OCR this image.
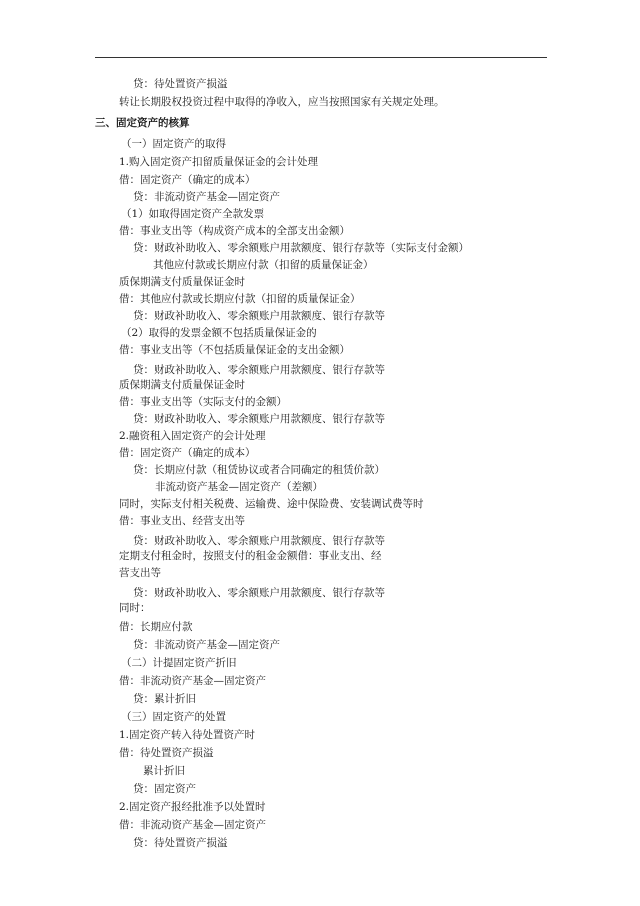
贷：待处置资产损溢
转让长期股权投资过程中取得的净收入，应当按照国家有关规定处理。
三、固定资产的核算
（一）固定资产的取得
1.购入固定资产扣留质量保证金的会计处理
借：固定资产（确定的成本）
贷：非流动资产基金—固定资产
（1）如取得固定资产全款发票
借：事业支出等（构成资产成本的全部支出金额）
贷：财政补助收入、零余额账户用款额度、银行存款等（实际支付金额）
其他应付款或长期应付款（扣留的质量保证金）
质保期满支付质量保证金时
借：其他应付款或长期应付款（扣留的质量保证金）
贷：财政补助收入、零余额账户用款额度、银行存款等
（2）取得的发票金额不包括质量保证金的
借：事业支出等（不包括质量保证金的支出金额）
贷：财政补助收入、零余额账户用款额度、银行存款等
质保期满支付质量保证金时
借：事业支出等（实际支付的金额）
贷：财政补助收入、零余额账户用款额度、银行存款等
2.融资租入固定资产的会计处理
借：固定资产（确定的成本）
贷：长期应付款（租赁协议或者合同确定的租赁价款）
非流动资产基金—固定资产（差额）
同时，实际支付相关税费、运输费、途中保险费、安装调试费等时
借：事业支出、经营支出等
贷：财政补助收入、零余额账户用款额度、银行存款等
定期支付租金时，按照支付的租金金额借：事业支出、经
营支出等
贷：财政补助收入、零余额账户用款额度、银行存款等
同时：
借：长期应付款
贷：非流动资产基金—固定资产
（二）计提固定资产折旧
借：非流动资产基金—固定资产
贷：累计折旧
（三）固定资产的处置
1.固定资产转入待处置资产时
借：待处置资产损溢
累计折旧
贷：固定资产
2.固定资产报经批准予以处置时
借：非流动资产基金—固定资产
贷：待处置资产损溢
